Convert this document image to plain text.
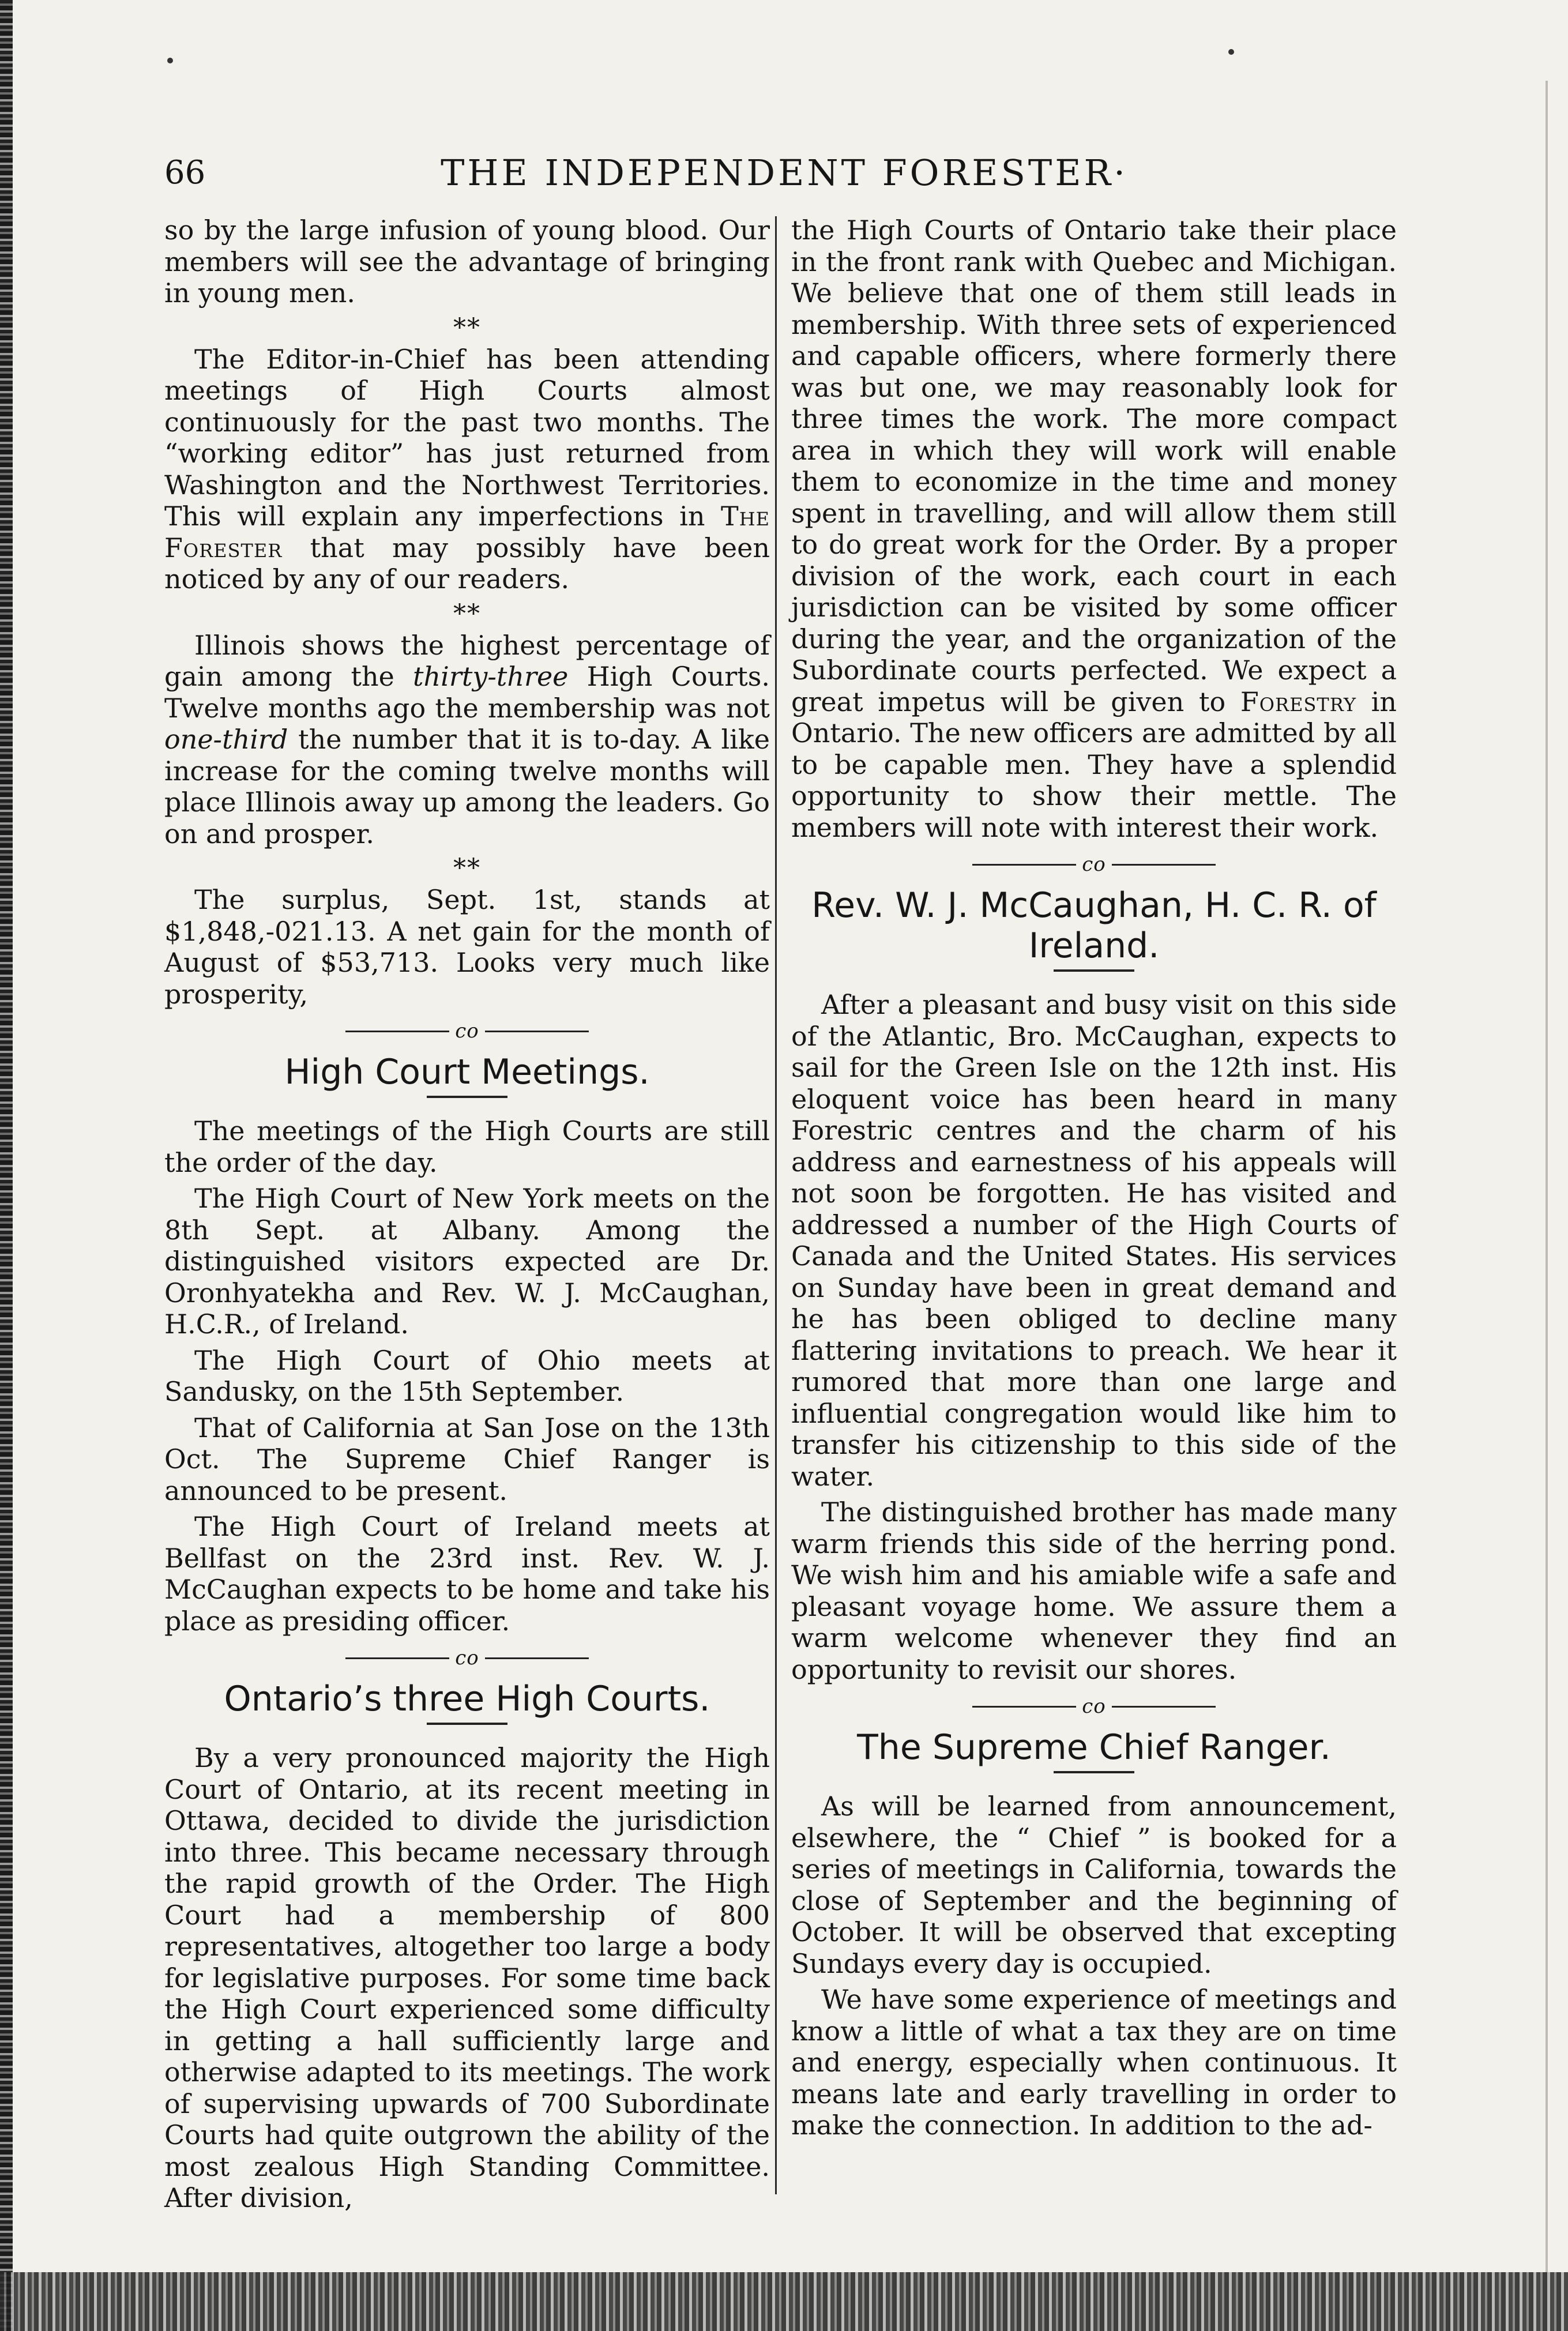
66	THE INDEPENDENT FORESTER·

so by the large infusion of young blood. Our members will see the advantage of bringing in young men.

**

The Editor-in-Chief has been attending meetings of High Courts almost continuously for the past two months. The “working editor” has just returned from Washington and the Northwest Territories. This will explain any imperfections in The Forester that may possibly have been noticed by any of our readers.

**

Illinois shows the highest percentage of gain among the thirty-three High Courts. Twelve months ago the membership was not one-third the number that it is to-day. A like increase for the coming twelve months will place Illinois away up among the leaders. Go on and prosper.

**

The surplus, Sept. 1st, stands at $1,848,-021.13. A net gain for the month of August of $53,713. Looks very much like prosperity,

co
High Court Meetings.

The meetings of the High Courts are still the order of the day.

The High Court of New York meets on the 8th Sept. at Albany. Among the distinguished visitors expected are Dr. Oronhyatekha and Rev. W. J. McCaughan, H.C.R., of Ireland.

The High Court of Ohio meets at Sandusky, on the 15th September.

That of California at San Jose on the 13th Oct. The Supreme Chief Ranger is announced to be present.

The High Court of Ireland meets at Bellfast on the 23rd inst. Rev. W. J. McCaughan expects to be home and take his place as presiding officer.

co
Ontario’s three High Courts.

By a very pronounced majority the High Court of Ontario, at its recent meeting in Ottawa, decided to divide the jurisdiction into three. This became necessary through the rapid growth of the Order. The High Court had a membership of 800 representatives, altogether too large a body for legislative purposes. For some time back the High Court experienced some difficulty in getting a hall sufficiently large and otherwise adapted to its meetings. The work of supervising upwards of 700 Subordinate Courts had quite outgrown the ability of the most zealous High Standing Committee. After division,

the High Courts of Ontario take their place in the front rank with Quebec and Michigan. We believe that one of them still leads in membership. With three sets of experienced and capable officers, where formerly there was but one, we may reasonably look for three times the work. The more compact area in which they will work will enable them to economize in the time and money spent in travelling, and will allow them still to do great work for the Order. By a proper division of the work, each court in each jurisdiction can be visited by some officer during the year, and the organization of the Subordinate courts perfected. We expect a great impetus will be given to Forestry in Ontario. The new officers are admitted by all to be capable men. They have a splendid opportunity to show their mettle. The members will note with interest their work.

co
Rev. W. J. McCaughan, H. C. R. of Ireland.

After a pleasant and busy visit on this side of the Atlantic, Bro. McCaughan, expects to sail for the Green Isle on the 12th inst. His eloquent voice has been heard in many Forestric centres and the charm of his address and earnestness of his appeals will not soon be forgotten. He has visited and addressed a number of the High Courts of Canada and the United States. His services on Sunday have been in great demand and he has been obliged to decline many flattering invitations to preach. We hear it rumored that more than one large and influential congregation would like him to transfer his citizenship to this side of the water.

The distinguished brother has made many warm friends this side of the herring pond. We wish him and his amiable wife a safe and pleasant voyage home. We assure them a warm welcome whenever they find an opportunity to revisit our shores.

co
The Supreme Chief Ranger.

As will be learned from announcement, elsewhere, the “ Chief ” is booked for a series of meetings in California, towards the close of September and the beginning of October. It will be observed that excepting Sundays every day is occupied.

We have some experience of meetings and know a little of what a tax they are on time and energy, especially when continuous. It means late and early travelling in order to make the connection. In addition to the ad-
